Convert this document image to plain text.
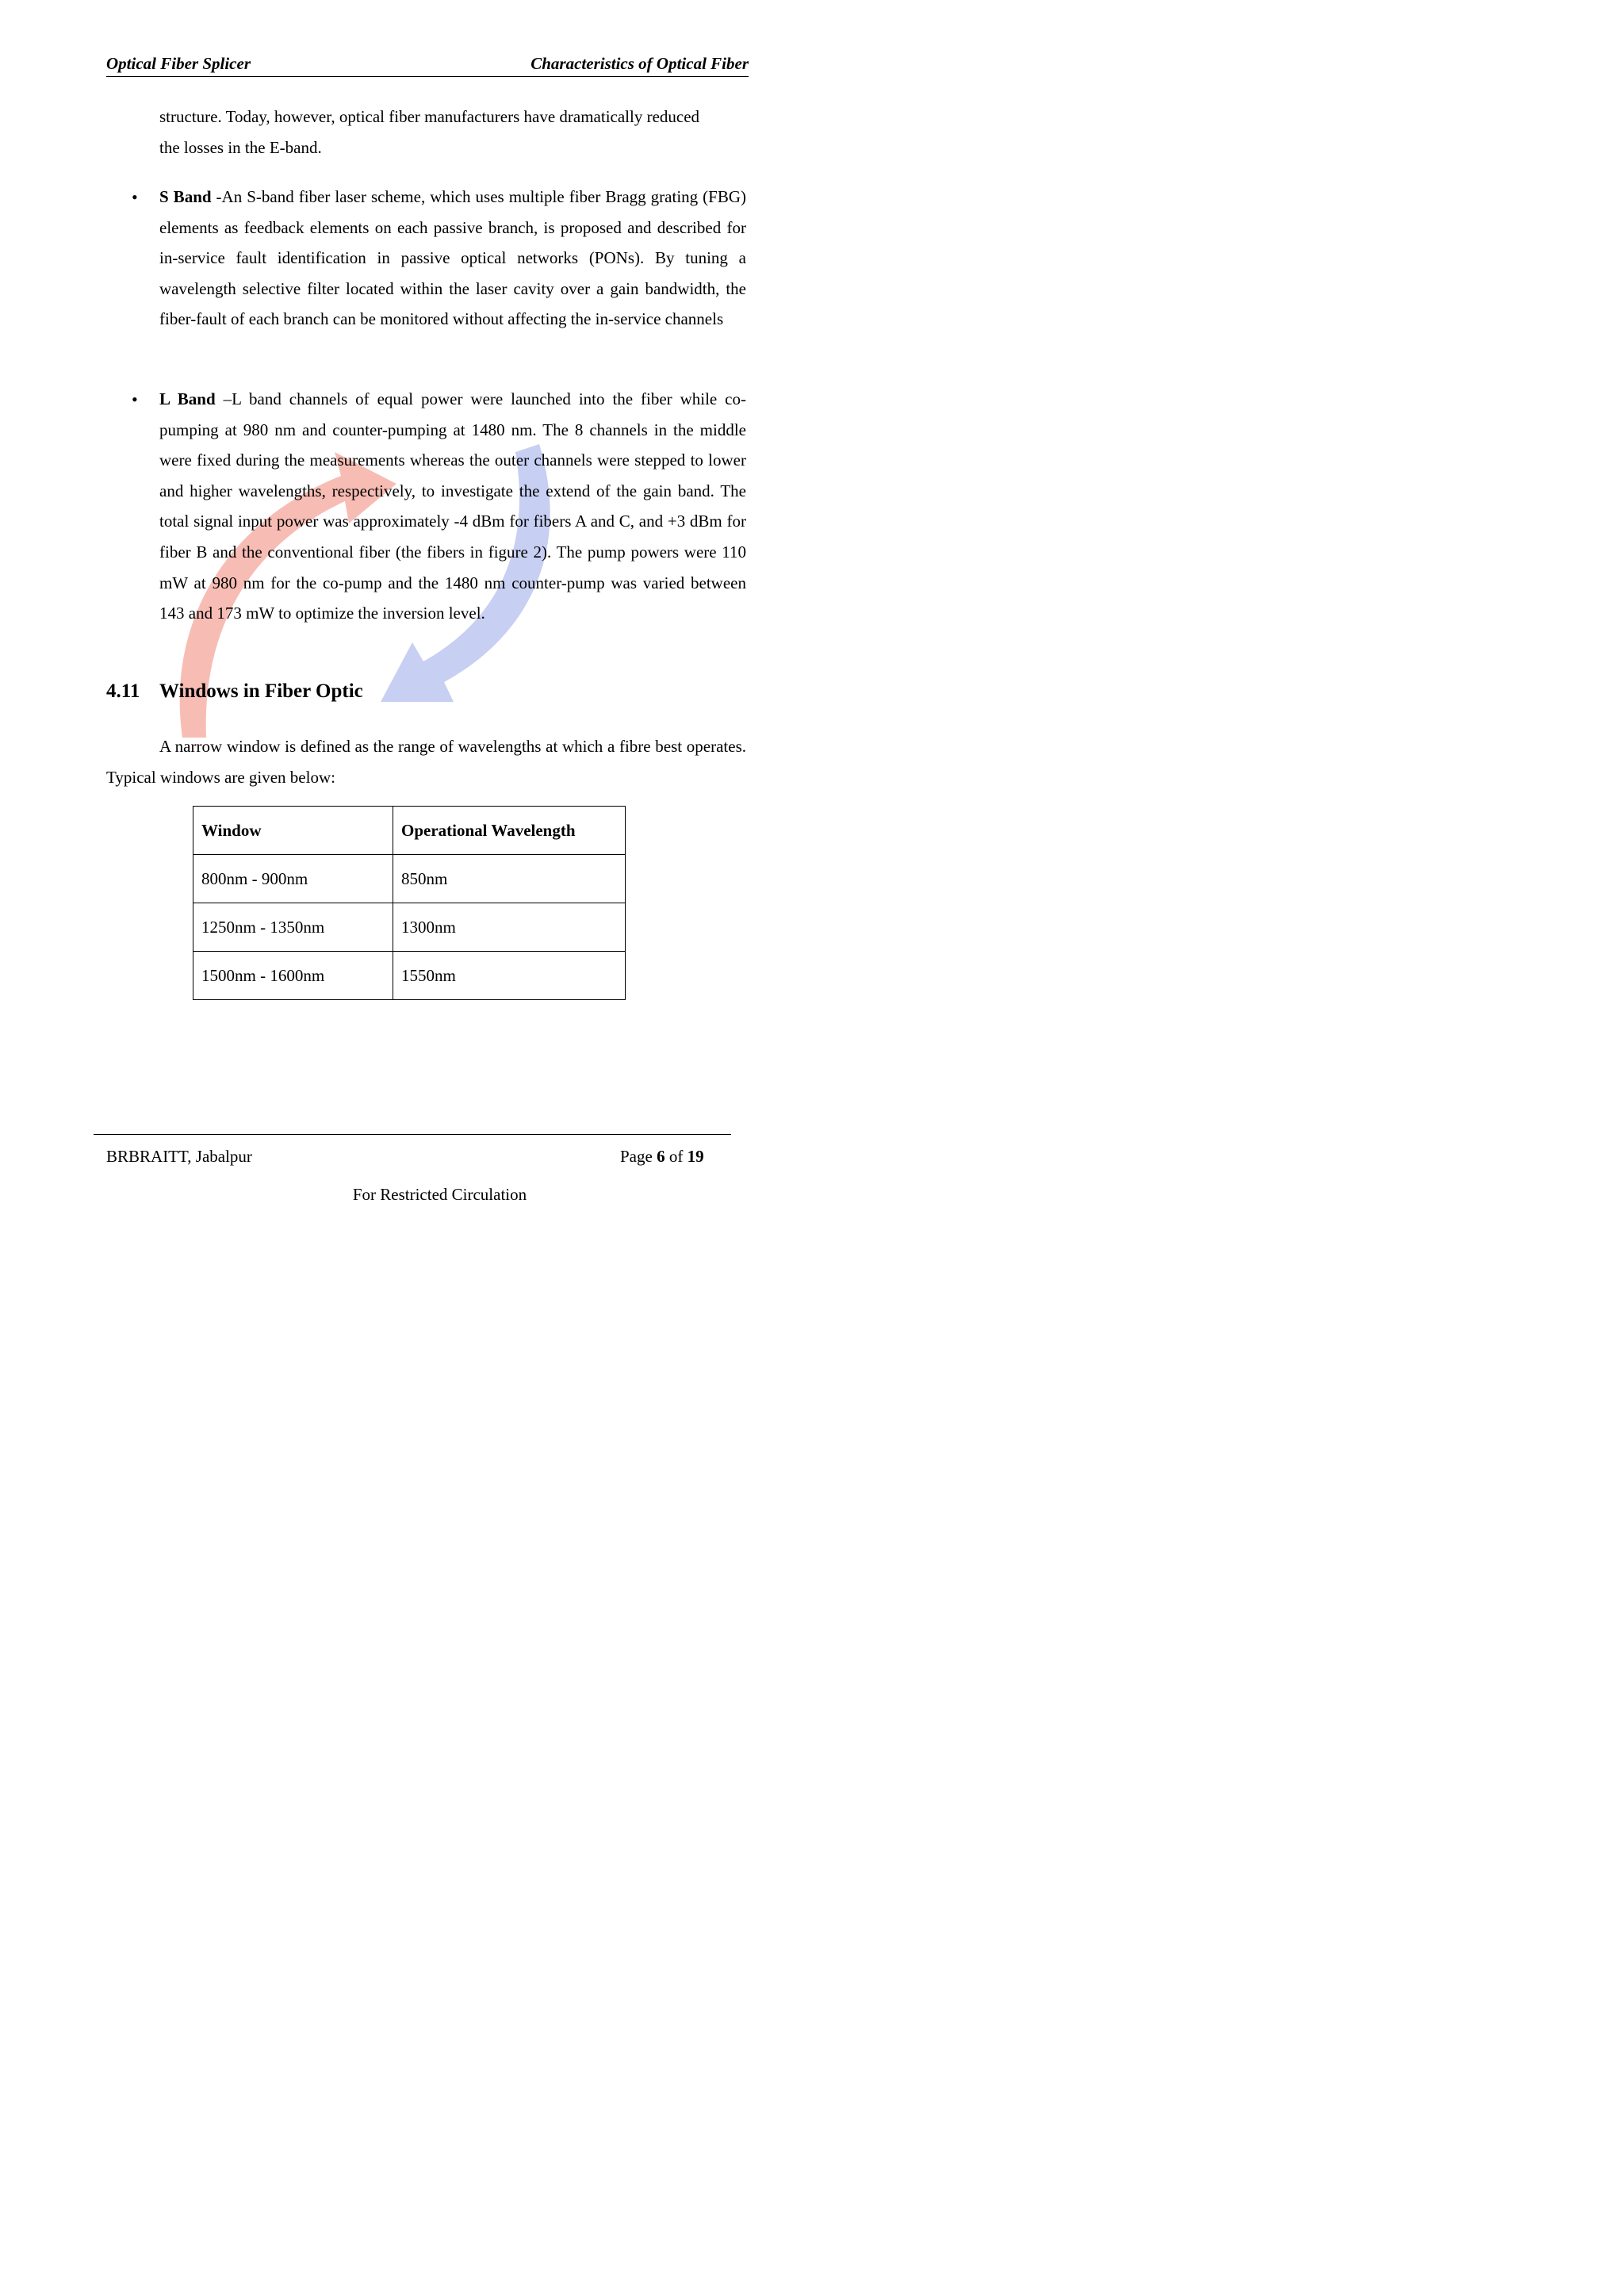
Optical Fiber Splicer	Characteristics of Optical Fiber
structure. Today, however, optical fiber manufacturers have dramatically reduced
the losses in the E-band.
• S Band -An S-band fiber laser scheme, which uses multiple fiber Bragg grating (FBG) elements as feedback elements on each passive branch, is proposed and described for in-service fault identification in passive optical networks (PONs). By tuning a wavelength selective filter located within the laser cavity over a gain bandwidth, the fiber-fault of each branch can be monitored without affecting the in-service channels
• L Band –L band channels of equal power were launched into the fiber while co-pumping at 980 nm and counter-pumping at 1480 nm. The 8 channels in the middle were fixed during the measurements whereas the outer channels were stepped to lower and higher wavelengths, respectively, to investigate the extend of the gain band. The total signal input power was approximately -4 dBm for fibers A and C, and +3 dBm for fiber B and the conventional fiber (the fibers in figure 2). The pump powers were 110 mW at 980 nm for the co-pump and the 1480 nm counter-pump was varied between 143 and 173 mW to optimize the inversion level.
4.11 Windows in Fiber Optic
A narrow window is defined as the range of wavelengths at which a fibre best operates. Typical windows are given below:
Window	Operational Wavelength
800nm - 900nm	850nm
1250nm - 1350nm	1300nm
1500nm - 1600nm	1550nm
BRBRAITT, Jabalpur	Page 6 of 19
For Restricted Circulation
